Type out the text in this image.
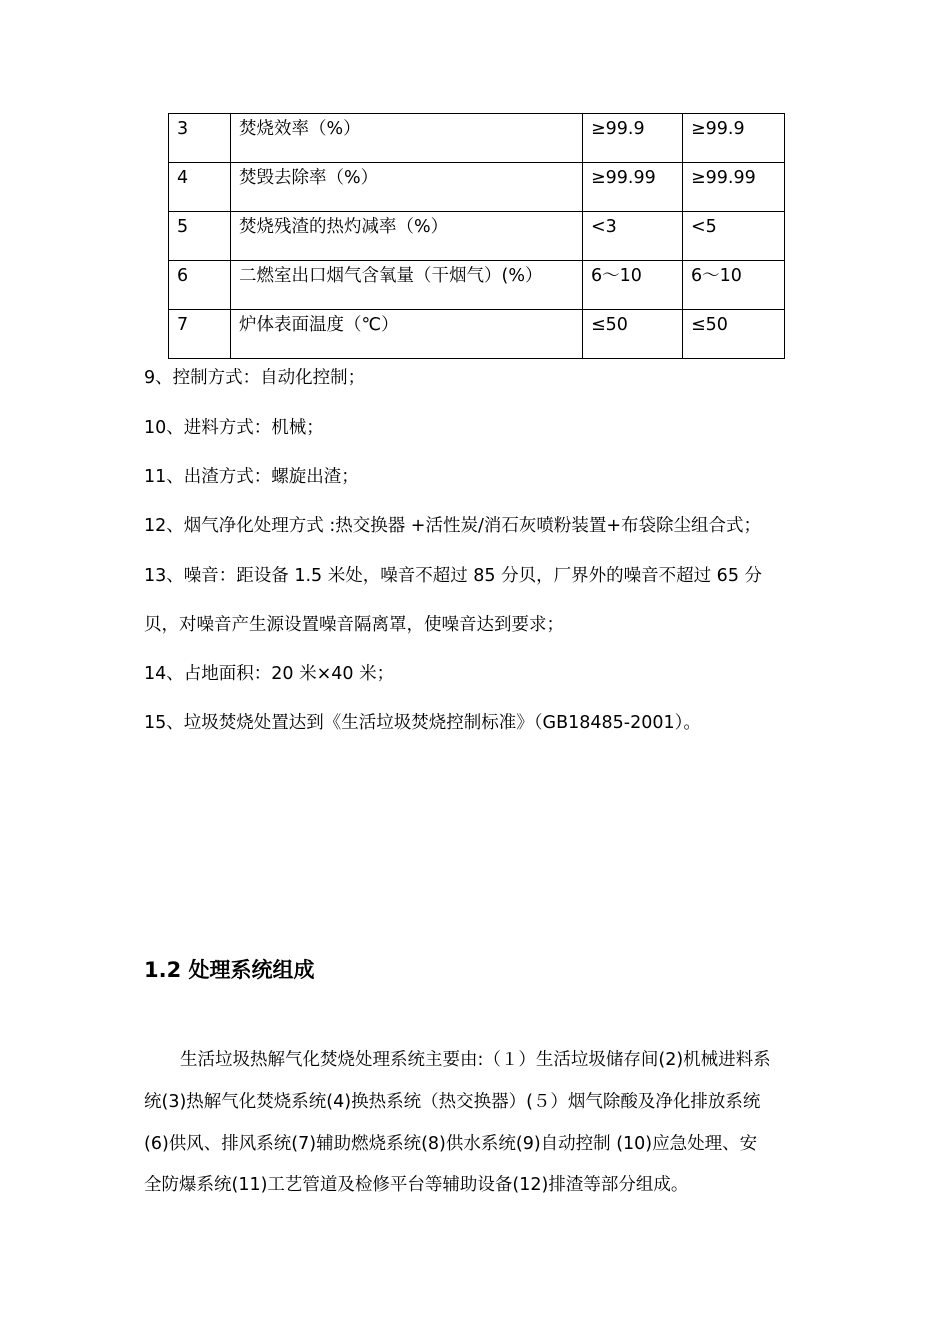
3	焚烧效率（%）	≥99.9	≥99.9
4	焚毁去除率（%）	≥99.99	≥99.99
5	焚烧残渣的热灼减率（%）	<3	<5
6	二燃室出口烟气含氧量（干烟气）(%）	6～10	6～10
7	炉体表面温度（℃）	≤50	≤50
9、控制方式：自动化控制；
10、进料方式：机械；
11、出渣方式：螺旋出渣；
12、烟气净化处理方式 :热交换器 +活性炭/消石灰喷粉装置+布袋除尘组合式；
13、噪音：距设备 1.5 米处，噪音不超过 85 分贝，厂界外的噪音不超过 65 分
贝，对噪音产生源设置噪音隔离罩，使噪音达到要求；
14、占地面积：20 米×40 米；
15、垃圾焚烧处置达到《生活垃圾焚烧控制标准》（GB18485-2001）。
1.2 处理系统组成
生活垃圾热解气化焚烧处理系统主要由:（１）生活垃圾储存间(2)机械进料系
统(3)热解气化焚烧系统(4)换热系统（热交换器）(５）烟气除酸及净化排放系统
(6)供风、排风系统(7)辅助燃烧系统(8)供水系统(9)自动控制 (10)应急处理、安
全防爆系统(11)工艺管道及检修平台等辅助设备(12)排渣等部分组成。
